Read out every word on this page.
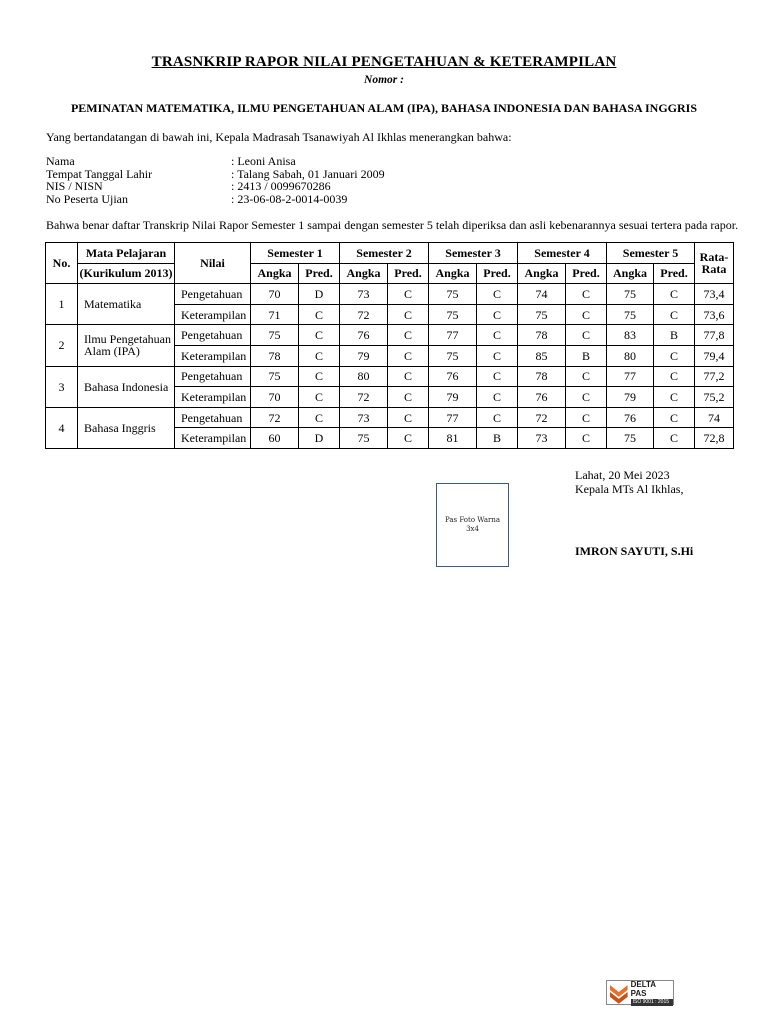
TRASNKRIP RAPOR NILAI PENGETAHUAN & KETERAMPILAN
Nomor :
PEMINATAN MATEMATIKA, ILMU PENGETAHUAN ALAM (IPA), BAHASA INDONESIA DAN BAHASA INGGRIS
Yang bertandatangan di bawah ini, Kepala Madrasah Tsanawiyah Al Ikhlas menerangkan bahwa:
Nama	: Leoni Anisa
Tempat Tanggal Lahir	: Talang Sabah, 01 Januari 2009
NIS / NISN	: 2413 / 0099670286
No Peserta Ujian	: 23-06-08-2-0014-0039
Bahwa benar daftar Transkrip Nilai Rapor Semester 1 sampai dengan semester 5 telah diperiksa dan asli kebenarannya sesuai tertera pada rapor.
No.	Mata Pelajaran	Nilai	Semester 1		Semester 2		Semester 3		Semester 4		Semester 5		Rata-Rata
	(Kurikulum 2013)		Angka	Pred.	Angka	Pred.	Angka	Pred.	Angka	Pred.	Angka	Pred.	
1	Matematika	Pengetahuan	70	D	73	C	75	C	74	C	75	C	73,4
		Keterampilan	71	C	72	C	75	C	75	C	75	C	73,6
2	Ilmu Pengetahuan Alam (IPA)	Pengetahuan	75	C	76	C	77	C	78	C	83	B	77,8
		Keterampilan	78	C	79	C	75	C	85	B	80	C	79,4
3	Bahasa Indonesia	Pengetahuan	75	C	80	C	76	C	78	C	77	C	77,2
		Keterampilan	70	C	72	C	79	C	76	C	79	C	75,2
4	Bahasa Inggris	Pengetahuan	72	C	73	C	77	C	72	C	76	C	74
		Keterampilan	60	D	75	C	81	B	73	C	75	C	72,8
Lahat, 20 Mei 2023
Kepala MTs Al Ikhlas,
IMRON SAYUTI, S.Hi
Pas Foto Warna
3x4
DELTA PAS
ISO 9001 : 2015
